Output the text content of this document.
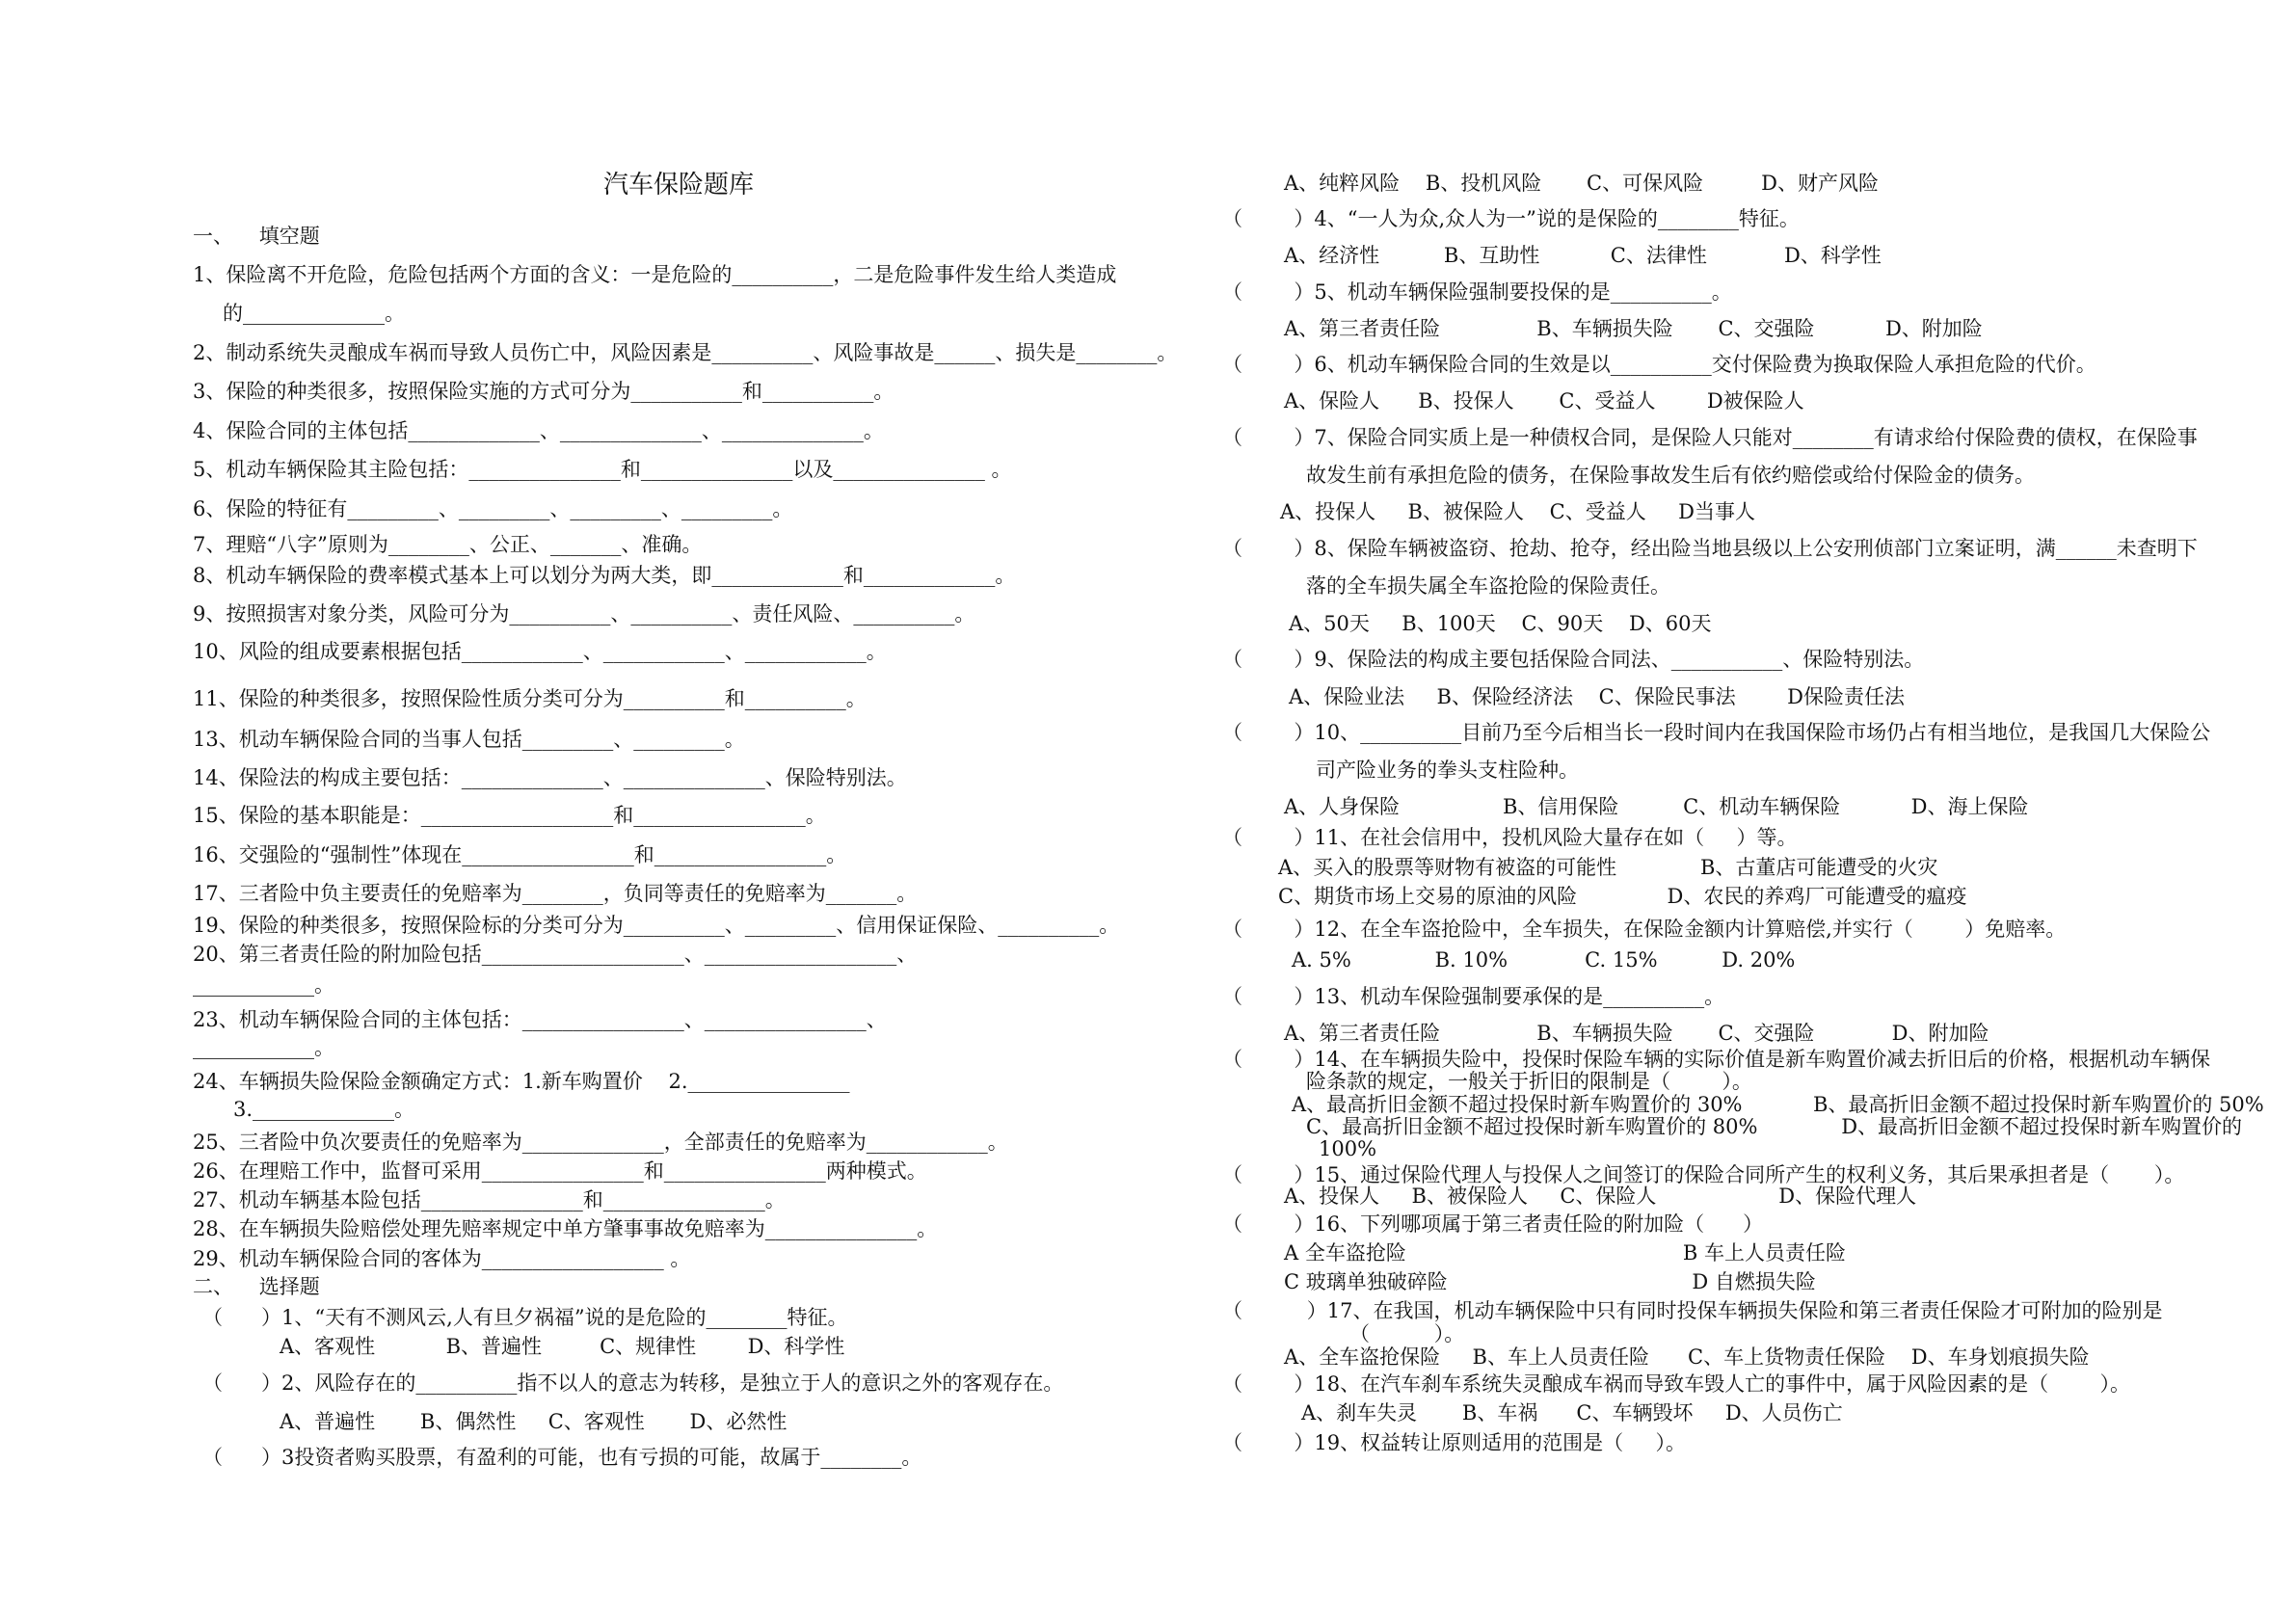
汽车保险题库
一、    填空题
1、保险离不开危险，危险包括两个方面的含义：一是危险的__________，二是危险事件发生给人类造成
的______________。
2、制动系统失灵酿成车祸而导致人员伤亡中，风险因素是__________、风险事故是______、损失是________。
3、保险的种类很多，按照保险实施的方式可分为___________和___________。
4、保险合同的主体包括_____________、______________、______________。
5、机动车辆保险其主险包括：_______________和_______________以及_______________ 。
6、保险的特征有_________、_________、_________、_________。
7、理赔“八字”原则为________、公正、_______、准确。
8、机动车辆保险的费率模式基本上可以划分为两大类，即_____________和_____________。
9、按照损害对象分类，风险可分为__________、__________、责任风险、__________。
10、风险的组成要素根据包括____________、____________、____________。
11、保险的种类很多，按照保险性质分类可分为__________和__________。
13、机动车辆保险合同的当事人包括_________、_________。
14、保险法的构成主要包括：______________、______________、保险特别法。
15、保险的基本职能是：___________________和_________________。
16、交强险的“强制性”体现在_________________和_________________。
17、三者险中负主要责任的免赔率为________，负同等责任的免赔率为_______。
19、保险的种类很多，按照保险标的分类可分为__________、_________、信用保证保险、__________。
20、第三者责任险的附加险包括____________________、___________________、
____________。
23、机动车辆保险合同的主体包括：________________、________________、
____________。
24、车辆损失险保险金额确定方式：1.新车购置价    2.________________
3.______________。
25、三者险中负次要责任的免赔率为______________，全部责任的免赔率为____________。
26、在理赔工作中，监督可采用________________和________________两种模式。
27、机动车辆基本险包括________________和________________。
28、在车辆损失险赔偿处理先赔率规定中单方肇事事故免赔率为_______________。
29、机动车辆保险合同的客体为__________________ 。
二、    选择题
（      ）1、“天有不测风云,人有旦夕祸福”说的是危险的________特征。
A、客观性           B、普遍性         C、规律性        D、科学性
（      ）2、风险存在的__________指不以人的意志为转移，是独立于人的意识之外的客观存在。
A、普遍性       B、偶然性     C、客观性       D、必然性
（      ）3投资者购买股票，有盈利的可能，也有亏损的可能，故属于________。
A、纯粹风险    B、投机风险       C、可保风险         D、财产风险
（        ）4、“一人为众,众人为一”说的是保险的________特征。
A、经济性          B、互助性           C、法律性            D、科学性
（        ）5、机动车辆保险强制要投保的是__________。
A、第三者责任险               B、车辆损失险       C、交强险           D、附加险
（        ）6、机动车辆保险合同的生效是以__________交付保险费为换取保险人承担危险的代价。
A、保险人      B、投保人       C、受益人        D被保险人
（        ）7、保险合同实质上是一种债权合同，是保险人只能对________有请求给付保险费的债权，在保险事
故发生前有承担危险的债务，在保险事故发生后有依约赔偿或给付保险金的债务。
A、投保人     B、被保险人    C、受益人     D当事人
（        ）8、保险车辆被盗窃、抢劫、抢夺，经出险当地县级以上公安刑侦部门立案证明，满______未查明下
落的全车损失属全车盗抢险的保险责任。
A、50天     B、100天    C、90天    D、60天
（        ）9、保险法的构成主要包括保险合同法、___________、保险特别法。
A、保险业法     B、保险经济法    C、保险民事法        D保险责任法
（        ）10、__________目前乃至今后相当长一段时间内在我国保险市场仍占有相当地位，是我国几大保险公
司产险业务的拳头支柱险种。
A、人身保险                B、信用保险          C、机动车辆保险           D、海上保险
（        ）11、在社会信用中，投机风险大量存在如（     ）等。
A、买入的股票等财物有被盗的可能性             B、古董店可能遭受的火灾
C、期货市场上交易的原油的风险              D、农民的养鸡厂可能遭受的瘟疫
（        ）12、在全车盗抢险中，全车损失，在保险金额内计算赔偿,并实行（        ）免赔率。
A. 5%             B. 10%            C. 15%          D. 20%
（        ）13、机动车保险强制要承保的是__________。
A、第三者责任险               B、车辆损失险       C、交强险            D、附加险
（        ）14、在车辆损失险中，投保时保险车辆的实际价值是新车购置价减去折旧后的价格，根据机动车辆保
险条款的规定，一般关于折旧的限制是（        ）。
A、最高折旧金额不超过投保时新车购置价的 30%           B、最高折旧金额不超过投保时新车购置价的 50%
C、最高折旧金额不超过投保时新车购置价的 80%             D、最高折旧金额不超过投保时新车购置价的
100%
（        ）15、通过保险代理人与投保人之间签订的保险合同所产生的权利义务，其后果承担者是（       ）。
A、投保人     B、被保险人     C、保险人                   D、保险代理人
（        ）16、下列哪项属于第三者责任险的附加险（      ）
A 全车盗抢险                                           B 车上人员责任险
C 玻璃单独破碎险                                      D 自燃损失险
（          ）17、在我国，机动车辆保险中只有同时投保车辆损失保险和第三者责任保险才可附加的险别是
（          ）。
A、全车盗抢保险     B、车上人员责任险      C、车上货物责任保险    D、车身划痕损失险
（        ）18、在汽车刹车系统失灵酿成车祸而导致车毁人亡的事件中，属于风险因素的是（        ）。
A、刹车失灵       B、车祸      C、车辆毁坏     D、人员伤亡
（        ）19、权益转让原则适用的范围是（     ）。
